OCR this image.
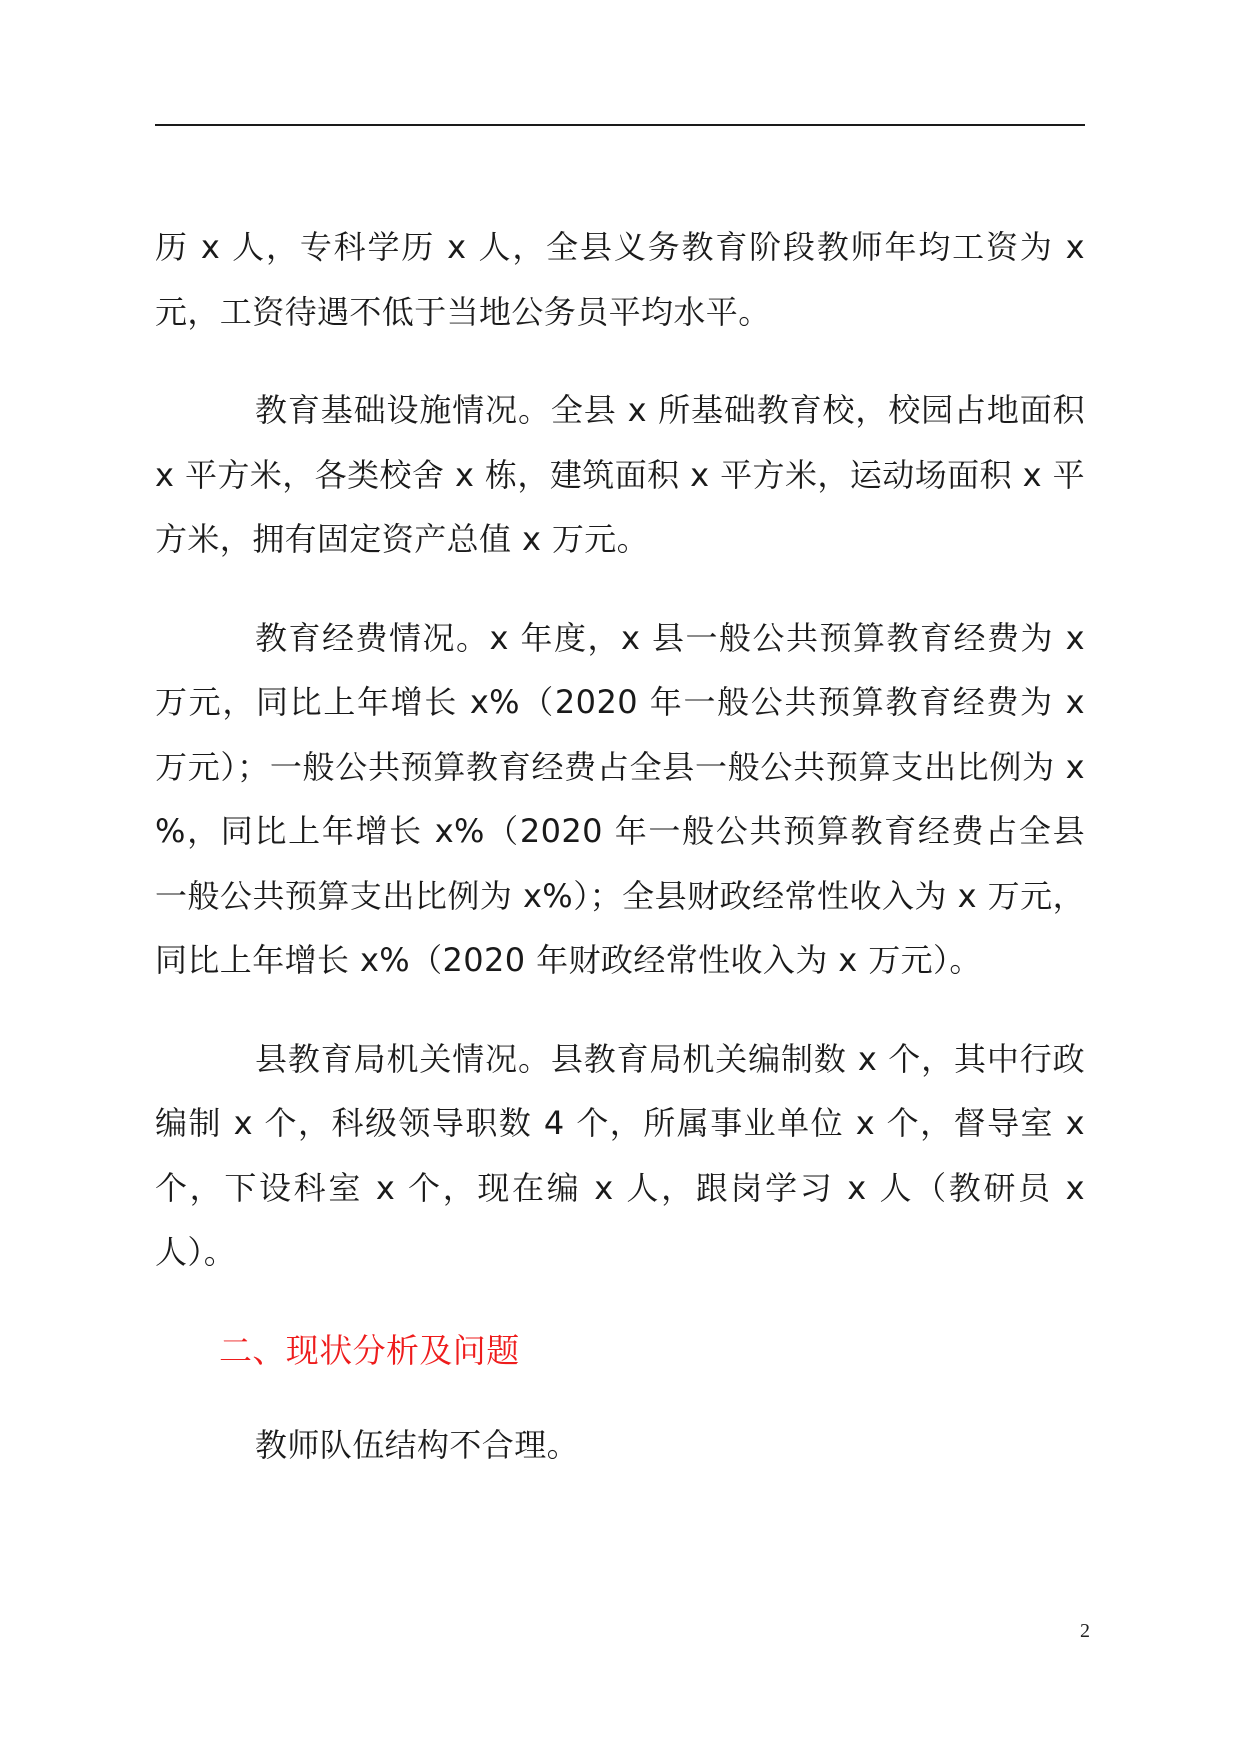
历 x 人，专科学历 x 人，全县义务教育阶段教师年均工资为 x 元，工资待遇不低于当地公务员平均水平。

教育基础设施情况。全县 x 所基础教育校，校园占地面积 x 平方米，各类校舍 x 栋，建筑面积 x 平方米，运动场面积 x 平方米，拥有固定资产总值 x 万元。

教育经费情况。x 年度，x 县一般公共预算教育经费为 x 万元，同比上年增长 x%（2020 年一般公共预算教育经费为 x 万元）；一般公共预算教育经费占全县一般公共预算支出比例为 x %，同比上年增长 x%（2020 年一般公共预算教育经费占全县一般公共预算支出比例为 x%）；全县财政经常性收入为 x 万元，同比上年增长 x%（2020 年财政经常性收入为 x 万元）。

县教育局机关情况。县教育局机关编制数 x 个，其中行政编制 x 个，科级领导职数 4 个，所属事业单位 x 个，督导室 x 个，下设科室 x 个，现在编 x 人，跟岗学习 x 人（教研员 x 人）。

二、现状分析及问题

教师队伍结构不合理。

2
